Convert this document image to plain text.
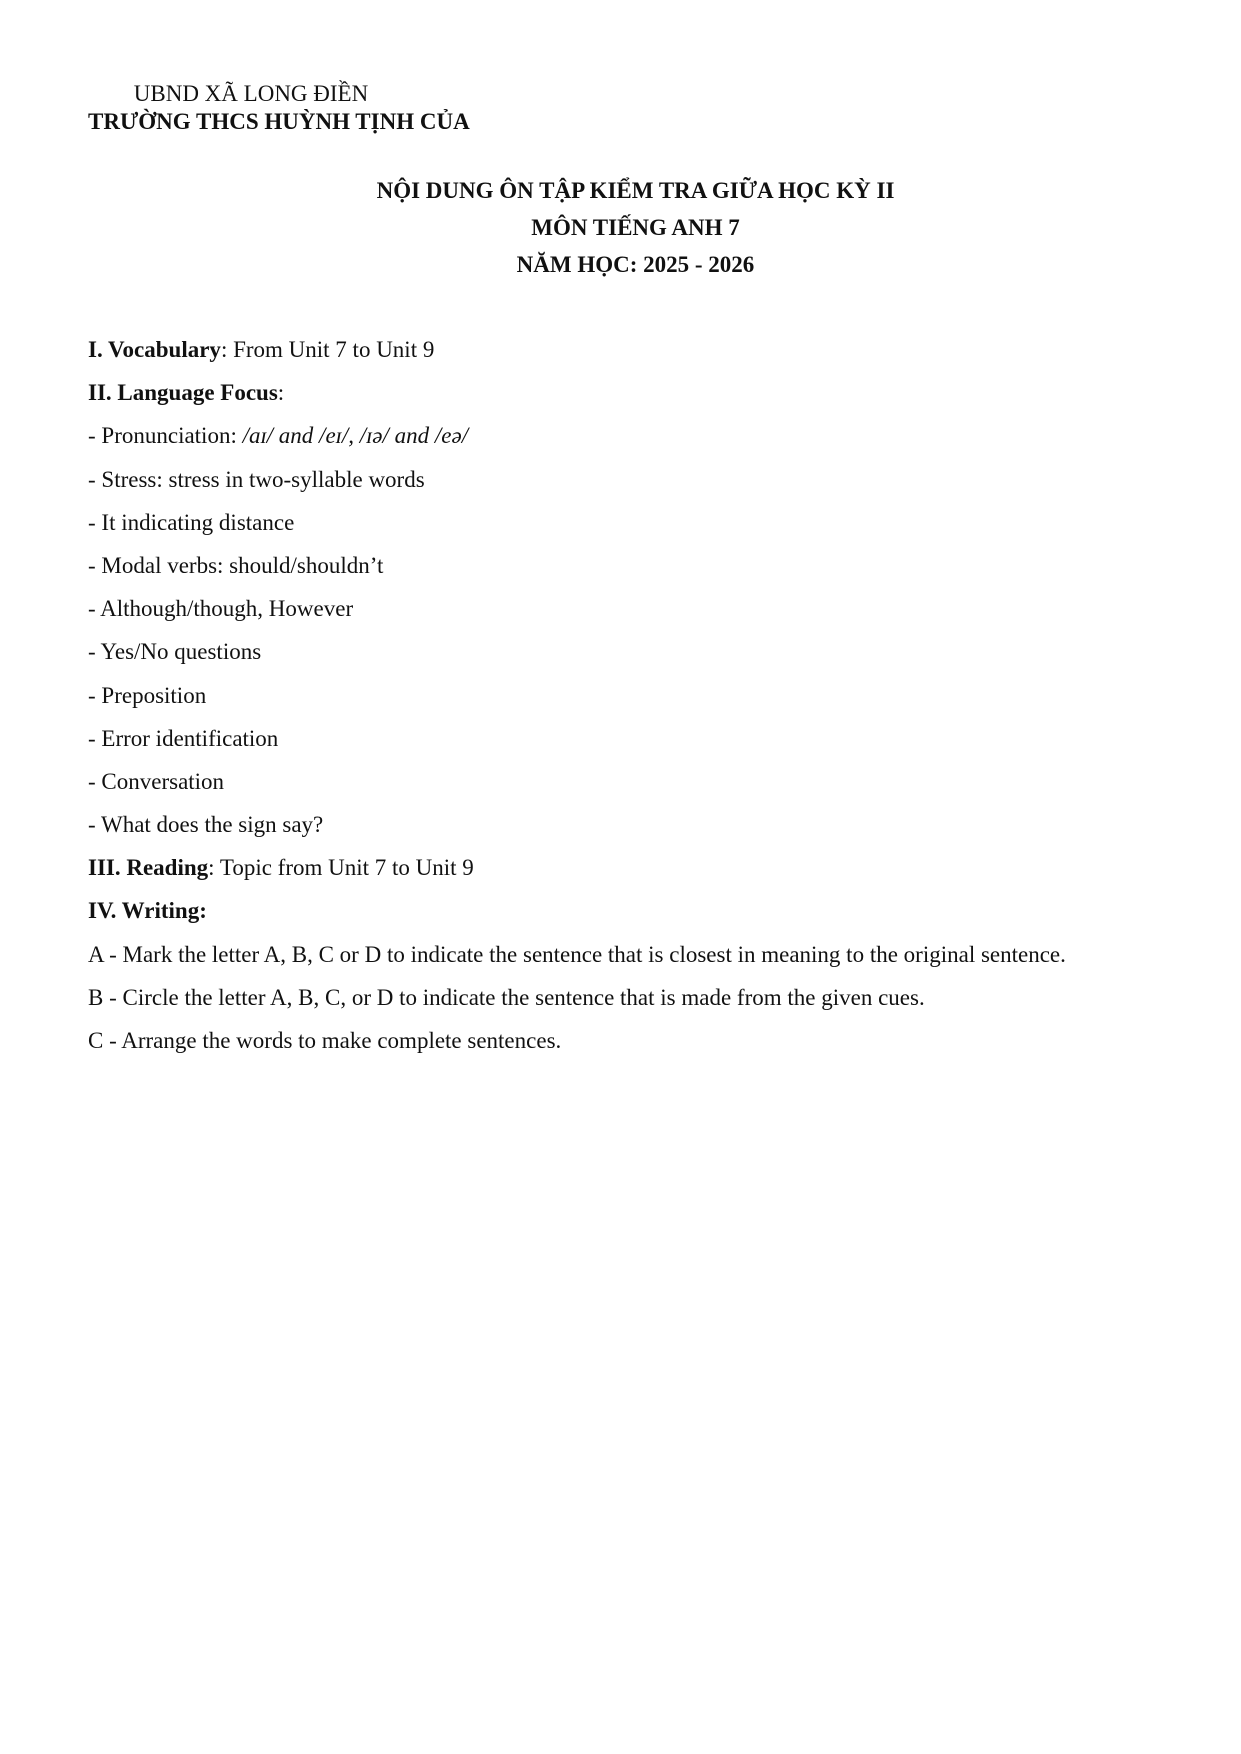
UBND XÃ LONG ĐIỀN
TRƯỜNG THCS HUỲNH TỊNH CỦA
NỘI DUNG ÔN TẬP KIỂM TRA GIỮA HỌC KỲ II
MÔN TIẾNG ANH 7
NĂM HỌC: 2025 - 2026
I. Vocabulary: From Unit 7 to Unit 9
II. Language Focus:
- Pronunciation: /aɪ/ and /eɪ/, /ɪə/ and /eə/
- Stress: stress in two-syllable words
- It indicating distance
- Modal verbs: should/shouldn’t
- Although/though, However
- Yes/No questions
- Preposition
- Error identification
- Conversation
- What does the sign say?
III. Reading: Topic from Unit 7 to Unit 9
IV. Writing:
A - Mark the letter A, B, C or D to indicate the sentence that is closest in meaning to the original sentence.
B - Circle the letter A, B, C, or D to indicate the sentence that is made from the given cues.
C - Arrange the words to make complete sentences.
